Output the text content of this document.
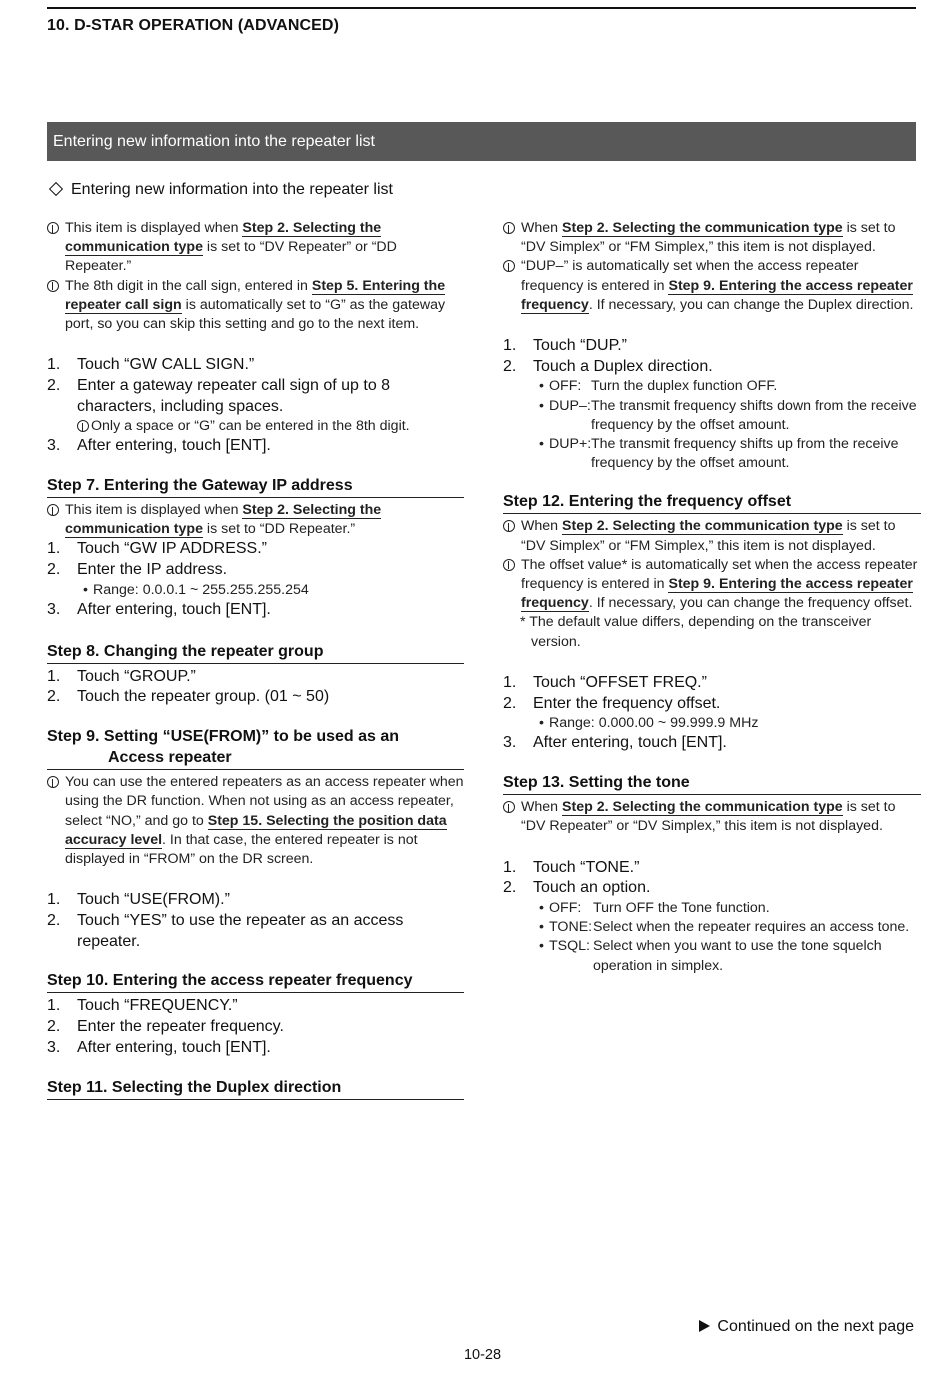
10. D-STAR OPERATION (ADVANCED)
Entering new information into the repeater list
Entering new information into the repeater list
This item is displayed when Step 2. Selecting the communication type is set to “DV Repeater” or “DD Repeater.”
The 8th digit in the call sign, entered in Step 5. Entering the repeater call sign is automatically set to “G” as the gateway port, so you can skip this setting and go to the next item.
1. Touch “GW CALL SIGN.”
2. Enter a gateway repeater call sign of up to 8 characters, including spaces.
Only a space or “G” can be entered in the 8th digit.
3. After entering, touch [ENT].
Step 7. Entering the Gateway IP address
This item is displayed when Step 2. Selecting the communication type is set to “DD Repeater.”
1. Touch “GW IP ADDRESS.”
2. Enter the IP address.
• Range: 0.0.0.1 ~ 255.255.255.254
3. After entering, touch [ENT].
Step 8. Changing the repeater group
1. Touch “GROUP.”
2. Touch the repeater group. (01 ~ 50)
Step 9. Setting “USE(FROM)” to be used as an
Access repeater
You can use the entered repeaters as an access repeater when using the DR function. When not using as an access repeater, select “NO,” and go to Step 15. Selecting the position data accuracy level. In that case, the entered repeater is not displayed in “FROM” on the DR screen.
1. Touch “USE(FROM).”
2. Touch “YES” to use the repeater as an access repeater.
Step 10. Entering the access repeater frequency
1. Touch “FREQUENCY.”
2. Enter the repeater frequency.
3. After entering, touch [ENT].
Step 11. Selecting the Duplex direction
When Step 2. Selecting the communication type is set to “DV Simplex” or “FM Simplex,” this item is not displayed.
“DUP–” is automatically set when the access repeater frequency is entered in Step 9. Entering the access repeater frequency. If necessary, you can change the Duplex direction.
1. Touch “DUP.”
2. Touch a Duplex direction.
• OFF: Turn the duplex function OFF.
• DUP–: The transmit frequency shifts down from the receive frequency by the offset amount.
• DUP+: The transmit frequency shifts up from the receive frequency by the offset amount.
Step 12. Entering the frequency offset
When Step 2. Selecting the communication type is set to “DV Simplex” or “FM Simplex,” this item is not displayed.
The offset value* is automatically set when the access repeater frequency is entered in Step 9. Entering the access repeater frequency. If necessary, you can change the frequency offset.
* The default value differs, depending on the transceiver version.
1. Touch “OFFSET FREQ.”
2. Enter the frequency offset.
• Range: 0.000.00 ~ 99.999.9 MHz
3. After entering, touch [ENT].
Step 13. Setting the tone
When Step 2. Selecting the communication type is set to “DV Repeater” or “DV Simplex,” this item is not displayed.
1. Touch “TONE.”
2. Touch an option.
• OFF: Turn OFF the Tone function.
• TONE: Select when the repeater requires an access tone.
• TSQL: Select when you want to use the tone squelch operation in simplex.
Continued on the next page
10-28
